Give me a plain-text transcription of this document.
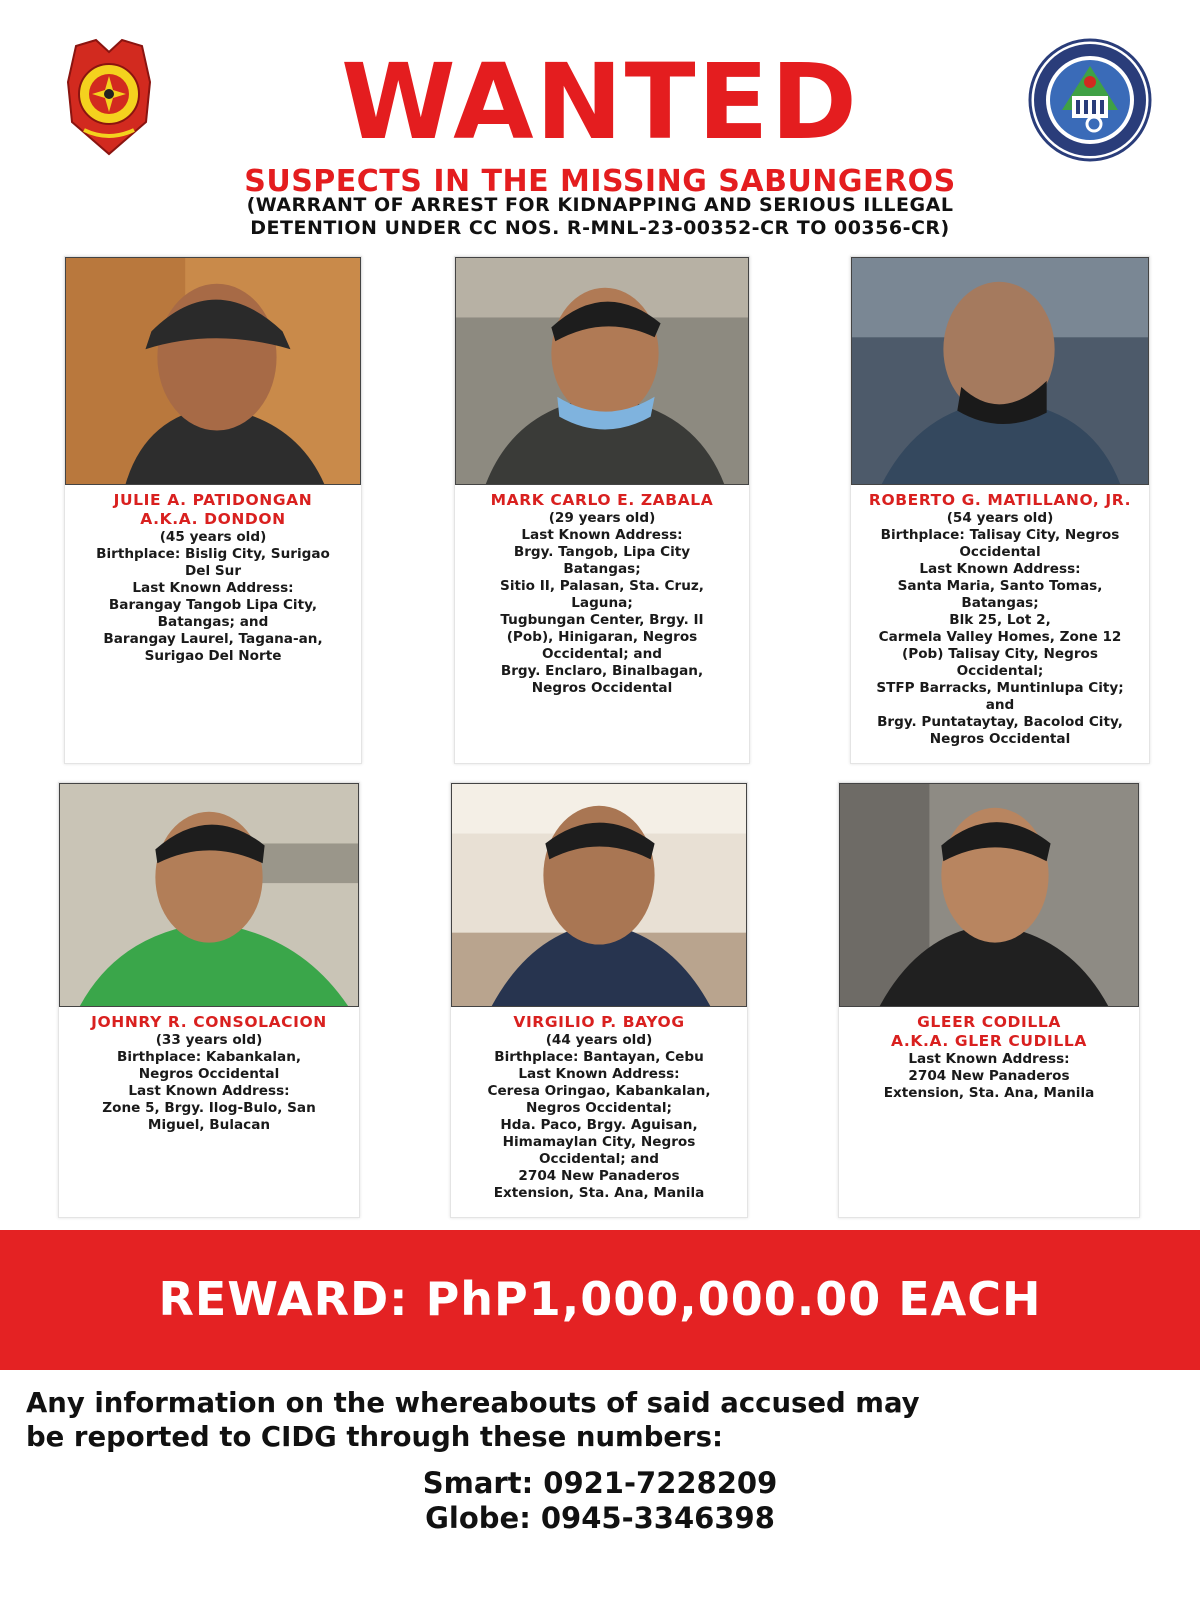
WANTED
SUSPECTS IN THE MISSING SABUNGEROS
(WARRANT OF ARREST FOR KIDNAPPING AND SERIOUS ILLEGAL
DETENTION UNDER CC NOS. R-MNL-23-00352-CR TO 00356-CR)
JULIE A. PATIDONGAN
A.K.A. DONDON
(45 years old)
Birthplace: Bislig City, Surigao
Del Sur
Last Known Address:
Barangay Tangob Lipa City,
Batangas; and
Barangay Laurel, Tagana-an,
Surigao Del Norte
MARK CARLO E. ZABALA
(29 years old)
Last Known Address:
Brgy. Tangob, Lipa City
Batangas;
Sitio II, Palasan, Sta. Cruz,
Laguna;
Tugbungan Center, Brgy. II
(Pob), Hinigaran, Negros
Occidental; and
Brgy. Enclaro, Binalbagan,
Negros Occidental
ROBERTO G. MATILLANO, JR.
(54 years old)
Birthplace: Talisay City, Negros
Occidental
Last Known Address:
Santa Maria, Santo Tomas,
Batangas;
Blk 25, Lot 2,
Carmela Valley Homes, Zone 12
(Pob) Talisay City, Negros
Occidental;
STFP Barracks, Muntinlupa City;
and
Brgy. Puntataytay, Bacolod City,
Negros Occidental
JOHNRY R. CONSOLACION
(33 years old)
Birthplace: Kabankalan,
Negros Occidental
Last Known Address:
Zone 5, Brgy. Ilog-Bulo, San
Miguel, Bulacan
VIRGILIO P. BAYOG
(44 years old)
Birthplace: Bantayan, Cebu
Last Known Address:
Ceresa Oringao, Kabankalan,
Negros Occidental;
Hda. Paco, Brgy. Aguisan,
Himamaylan City, Negros
Occidental; and
2704 New Panaderos
Extension, Sta. Ana, Manila
GLEER CODILLA
A.K.A. GLER CUDILLA
Last Known Address:
2704 New Panaderos
Extension, Sta. Ana, Manila
REWARD: PhP1,000,000.00 EACH
Any information on the whereabouts of said accused may
be reported to CIDG through these numbers:
Smart: 0921-7228209
Globe: 0945-3346398
